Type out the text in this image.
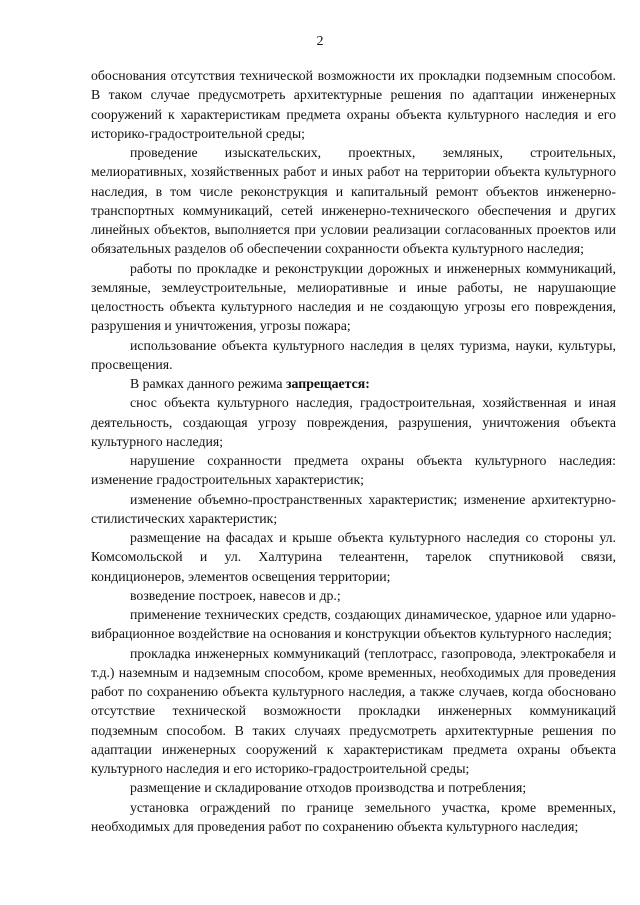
2

обоснования отсутствия технической возможности их прокладки подземным способом. В таком случае предусмотреть архитектурные решения по адаптации инженерных сооружений к характеристикам предмета охраны объекта культурного наследия и его историко-градостроительной среды;

проведение изыскательских, проектных, земляных, строительных, мелиоративных, хозяйственных работ и иных работ на территории объекта культурного наследия, в том числе реконструкция и капитальный ремонт объектов инженерно-транспортных коммуникаций, сетей инженерно-технического обеспечения и других линейных объектов, выполняется при условии реализации согласованных проектов или обязательных разделов об обеспечении сохранности объекта культурного наследия;

работы по прокладке и реконструкции дорожных и инженерных коммуникаций, земляные, землеустроительные, мелиоративные и иные работы, не нарушающие целостность объекта культурного наследия и не создающую угрозы его повреждения, разрушения и уничтожения, угрозы пожара;

использование объекта культурного наследия в целях туризма, науки, культуры, просвещения.

В рамках данного режима запрещается:

снос объекта культурного наследия, градостроительная, хозяйственная и иная деятельность, создающая угрозу повреждения, разрушения, уничтожения объекта культурного наследия;

нарушение сохранности предмета охраны объекта культурного наследия: изменение градостроительных характеристик;

изменение объемно-пространственных характеристик; изменение архитектурно-стилистических характеристик;

размещение на фасадах и крыше объекта культурного наследия со стороны ул. Комсомольской и ул. Халтурина телеантенн, тарелок спутниковой связи, кондиционеров, элементов освещения территории;

возведение построек, навесов и др.;

применение технических средств, создающих динамическое, ударное или ударно-вибрационное воздействие на основания и конструкции объектов культурного наследия;

прокладка инженерных коммуникаций (теплотрасс, газопровода, электрокабеля и т.д.) наземным и надземным способом, кроме временных, необходимых для проведения работ по сохранению объекта культурного наследия, а также случаев, когда обосновано отсутствие технической возможности прокладки инженерных коммуникаций подземным способом. В таких случаях предусмотреть архитектурные решения по адаптации инженерных сооружений к характеристикам предмета охраны объекта культурного наследия и его историко-градостроительной среды;

размещение и складирование отходов производства и потребления;

установка ограждений по границе земельного участка, кроме временных, необходимых для проведения работ по сохранению объекта культурного наследия;
